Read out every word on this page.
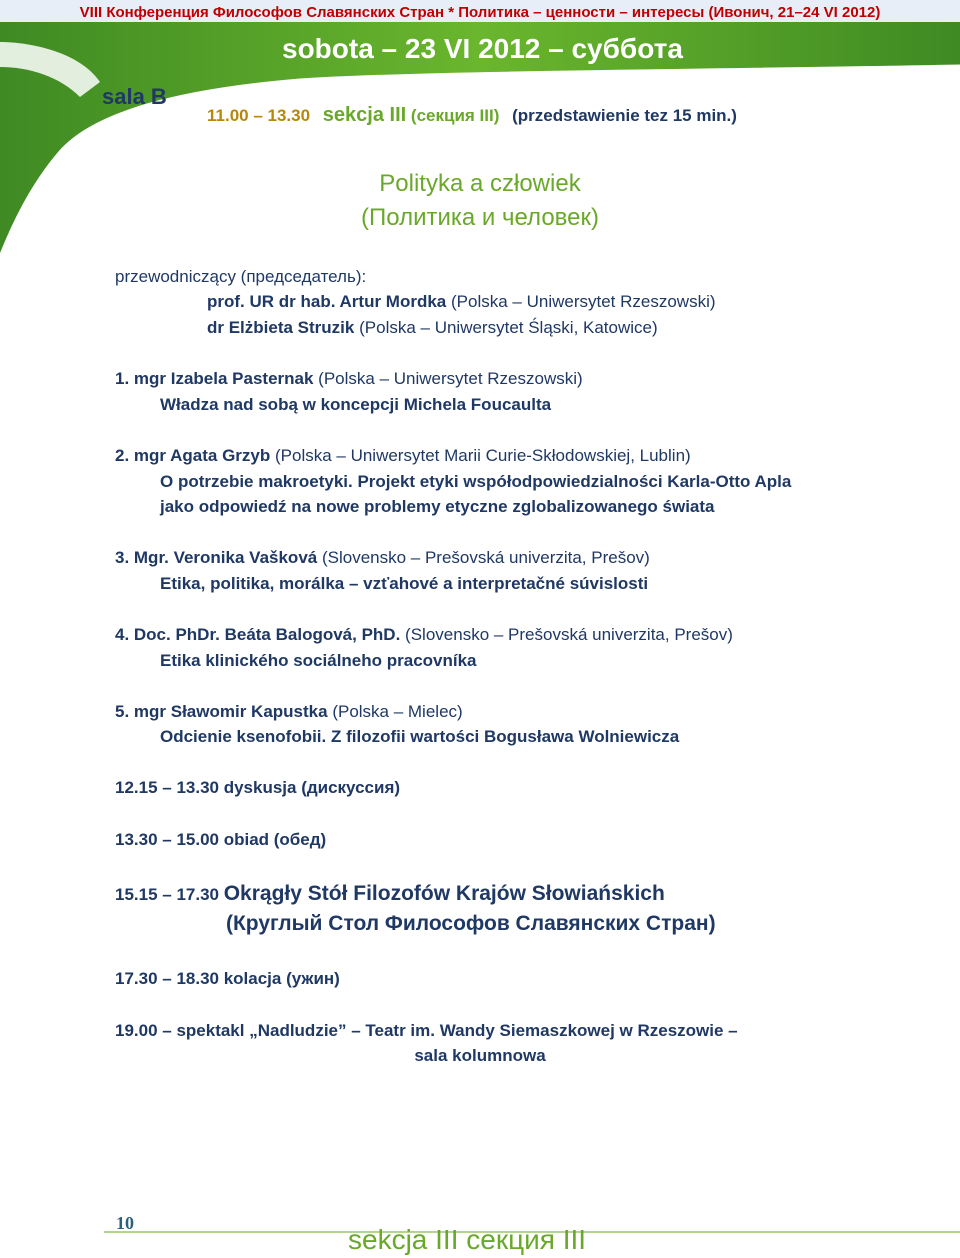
VIII Конференция Философов Славянских Стран * Политика – ценности – интересы (Ивонич, 21–24 VI 2012)
sobota – 23 VI 2012 – суббота
sala B
11.00 – 13.30 sekcja III (секция III) (przedstawienie tez 15 min.)
Polityka a człowiek
(Политика и человек)
przewodniczący (председатель):
prof. UR dr hab. Artur Mordka (Polska – Uniwersytet Rzeszowski)
dr Elżbieta Struzik (Polska – Uniwersytet Śląski, Katowice)
1. mgr Izabela Pasternak (Polska – Uniwersytet Rzeszowski)
Władza nad sobą w koncepcji Michela Foucaulta
2. mgr Agata Grzyb (Polska – Uniwersytet Marii Curie-Skłodowskiej, Lublin)
O potrzebie makroetyki. Projekt etyki współodpowiedzialności Karla-Otto Apla
jako odpowiedź na nowe problemy etyczne zglobalizowanego świata
3. Mgr. Veronika Vašková (Slovensko – Prešovská univerzita, Prešov)
Etika, politika, morálka – vzťahové a interpretačné súvislosti
4. Doc. PhDr. Beáta Balogová, PhD. (Slovensko – Prešovská univerzita, Prešov)
Etika klinického sociálneho pracovníka
5. mgr Sławomir Kapustka (Polska – Mielec)
Odcienie ksenofobii. Z filozofii wartości Bogusława Wolniewicza
12.15 – 13.30 dyskusja (дискуссия)
13.30 – 15.00 obiad (обед)
15.15 – 17.30 Okrągły Stół Filozofów Krajów Słowiańskich
(Круглый Стол Философов Славянских Стран)
17.30 – 18.30 kolacja (ужин)
19.00 – spektakl „Nadludzie” – Teatr im. Wandy Siemaszkowej w Rzeszowie –
sala kolumnowa
10
sekcja III секция III
